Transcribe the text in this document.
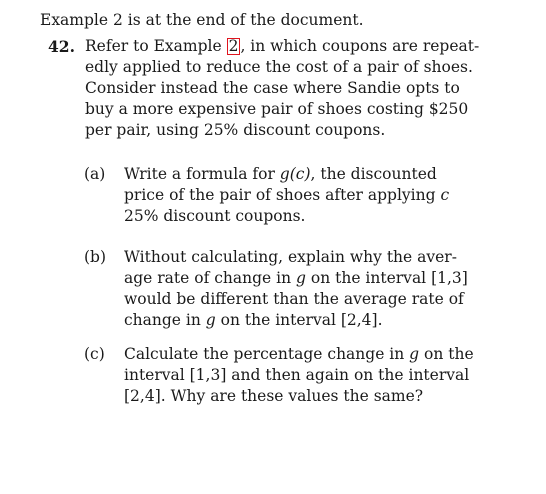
Example 2 is at the end of the document.
42. Refer to Example 2 , in which coupons are repeat-
edly applied to reduce the cost of a pair of shoes.
Consider instead the case where Sandie opts to
buy a more expensive pair of shoes costing $250
per pair, using 25% discount coupons.
(a) Write a formula for g(c), the discounted
price of the pair of shoes after applying c
25% discount coupons.
(b) Without calculating, explain why the aver-
age rate of change in g on the interval [1,3]
would be different than the average rate of
change in g on the interval [2,4].
(c) Calculate the percentage change in g on the
interval [1,3] and then again on the interval
[2,4]. Why are these values the same?
